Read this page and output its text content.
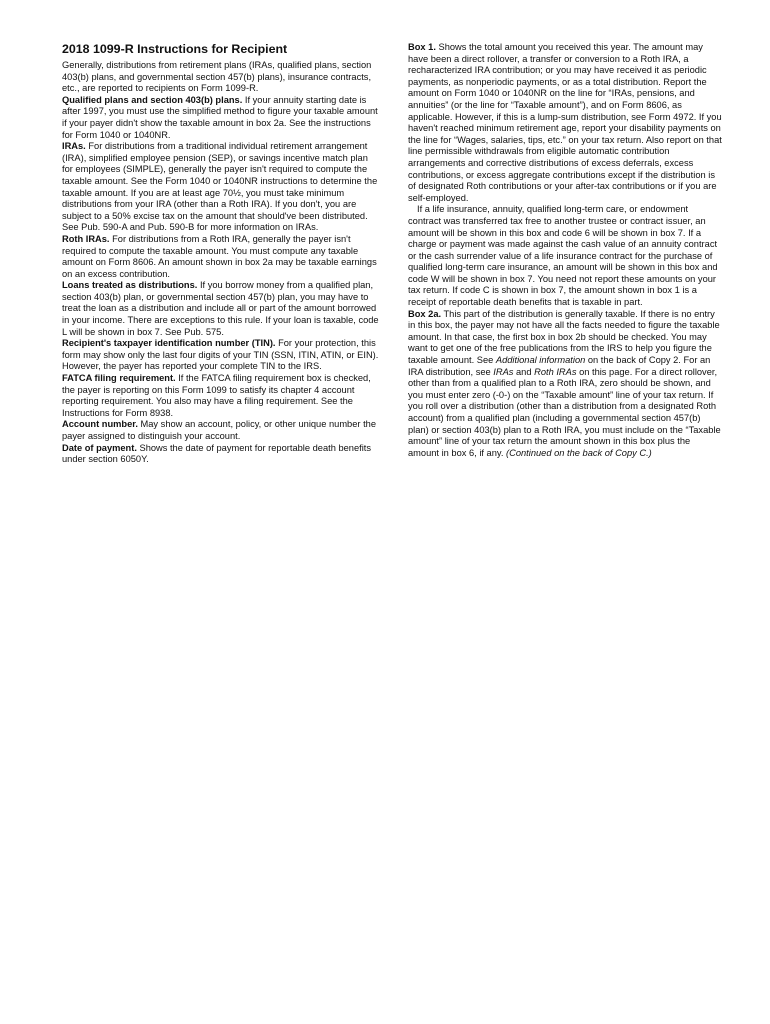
2018 1099-R Instructions for Recipient

Generally, distributions from retirement plans (IRAs, qualified plans, section 403(b) plans, and governmental section 457(b) plans), insurance contracts, etc., are reported to recipients on Form 1099-R.

Qualified plans and section 403(b) plans. If your annuity starting date is after 1997, you must use the simplified method to figure your taxable amount if your payer didn't show the taxable amount in box 2a. See the instructions for Form 1040 or 1040NR.

IRAs. For distributions from a traditional individual retirement arrangement (IRA), simplified employee pension (SEP), or savings incentive match plan for employees (SIMPLE), generally the payer isn't required to compute the taxable amount. See the Form 1040 or 1040NR instructions to determine the taxable amount. If you are at least age 70½, you must take minimum distributions from your IRA (other than a Roth IRA). If you don't, you are subject to a 50% excise tax on the amount that should've been distributed. See Pub. 590-A and Pub. 590-B for more information on IRAs.

Roth IRAs. For distributions from a Roth IRA, generally the payer isn't required to compute the taxable amount. You must compute any taxable amount on Form 8606. An amount shown in box 2a may be taxable earnings on an excess contribution.

Loans treated as distributions. If you borrow money from a qualified plan, section 403(b) plan, or governmental section 457(b) plan, you may have to treat the loan as a distribution and include all or part of the amount borrowed in your income. There are exceptions to this rule. If your loan is taxable, code L will be shown in box 7. See Pub. 575.

Recipient's taxpayer identification number (TIN). For your protection, this form may show only the last four digits of your TIN (SSN, ITIN, ATIN, or EIN). However, the payer has reported your complete TIN to the IRS.

FATCA filing requirement. If the FATCA filing requirement box is checked, the payer is reporting on this Form 1099 to satisfy its chapter 4 account reporting requirement. You also may have a filing requirement. See the Instructions for Form 8938.

Account number. May show an account, policy, or other unique number the payer assigned to distinguish your account.

Date of payment. Shows the date of payment for reportable death benefits under section 6050Y.

Box 1. Shows the total amount you received this year. The amount may have been a direct rollover, a transfer or conversion to a Roth IRA, a recharacterized IRA contribution; or you may have received it as periodic payments, as nonperiodic payments, or as a total distribution. Report the amount on Form 1040 or 1040NR on the line for “IRAs, pensions, and annuities” (or the line for “Taxable amount”), and on Form 8606, as applicable. However, if this is a lump-sum distribution, see Form 4972. If you haven't reached minimum retirement age, report your disability payments on the line for “Wages, salaries, tips, etc.” on your tax return. Also report on that line permissible withdrawals from eligible automatic contribution arrangements and corrective distributions of excess deferrals, excess contributions, or excess aggregate contributions except if the distribution is of designated Roth contributions or your after-tax contributions or if you are self-employed.

If a life insurance, annuity, qualified long-term care, or endowment contract was transferred tax free to another trustee or contract issuer, an amount will be shown in this box and code 6 will be shown in box 7. If a charge or payment was made against the cash value of an annuity contract or the cash surrender value of a life insurance contract for the purchase of qualified long-term care insurance, an amount will be shown in this box and code W will be shown in box 7. You need not report these amounts on your tax return. If code C is shown in box 7, the amount shown in box 1 is a receipt of reportable death benefits that is taxable in part.

Box 2a. This part of the distribution is generally taxable. If there is no entry in this box, the payer may not have all the facts needed to figure the taxable amount. In that case, the first box in box 2b should be checked. You may want to get one of the free publications from the IRS to help you figure the taxable amount. See Additional information on the back of Copy 2. For an IRA distribution, see IRAs and Roth IRAs on this page. For a direct rollover, other than from a qualified plan to a Roth IRA, zero should be shown, and you must enter zero (-0-) on the “Taxable amount” line of your tax return. If you roll over a distribution (other than a distribution from a designated Roth account) from a qualified plan (including a governmental section 457(b) plan) or section 403(b) plan to a Roth IRA, you must include on the “Taxable amount” line of your tax return the amount shown in this box plus the amount in box 6, if any. (Continued on the back of Copy C.)
